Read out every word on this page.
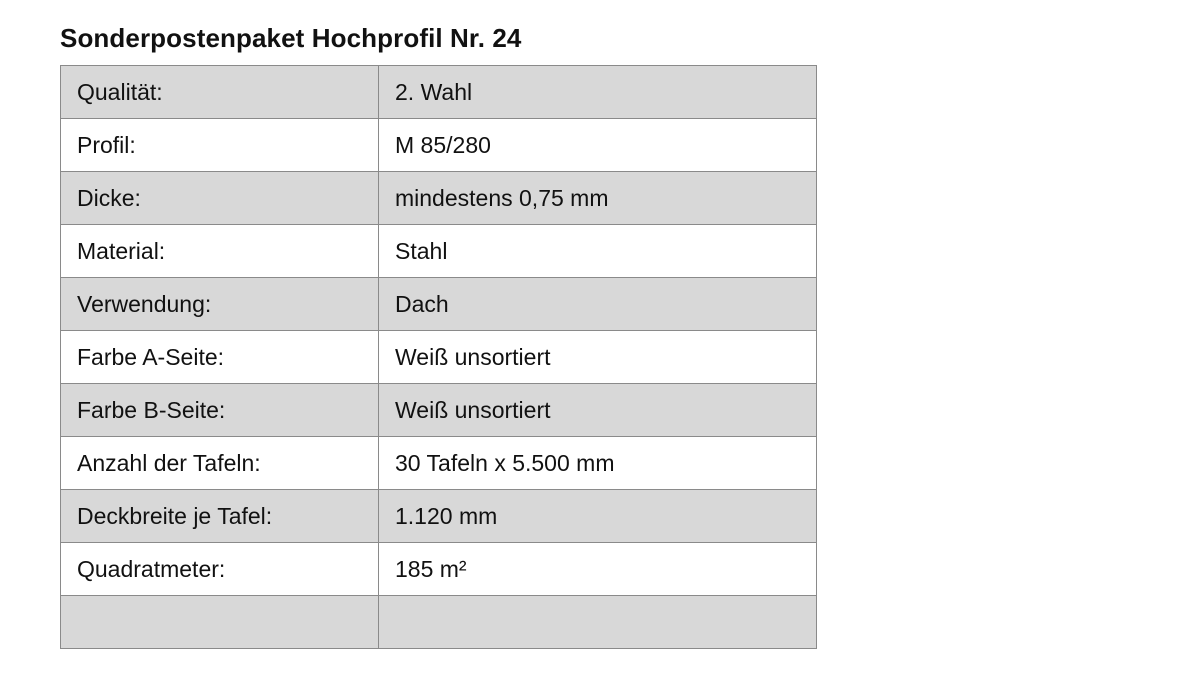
Sonderpostenpaket Hochprofil Nr. 24
Qualität:	2. Wahl
Profil:	M 85/280
Dicke:	mindestens 0,75 mm
Material:	Stahl
Verwendung:	Dach
Farbe A-Seite:	Weiß unsortiert
Farbe B-Seite:	Weiß unsortiert
Anzahl der Tafeln:	30 Tafeln x 5.500 mm
Deckbreite je Tafel:	1.120 mm
Quadratmeter:	185 m²
